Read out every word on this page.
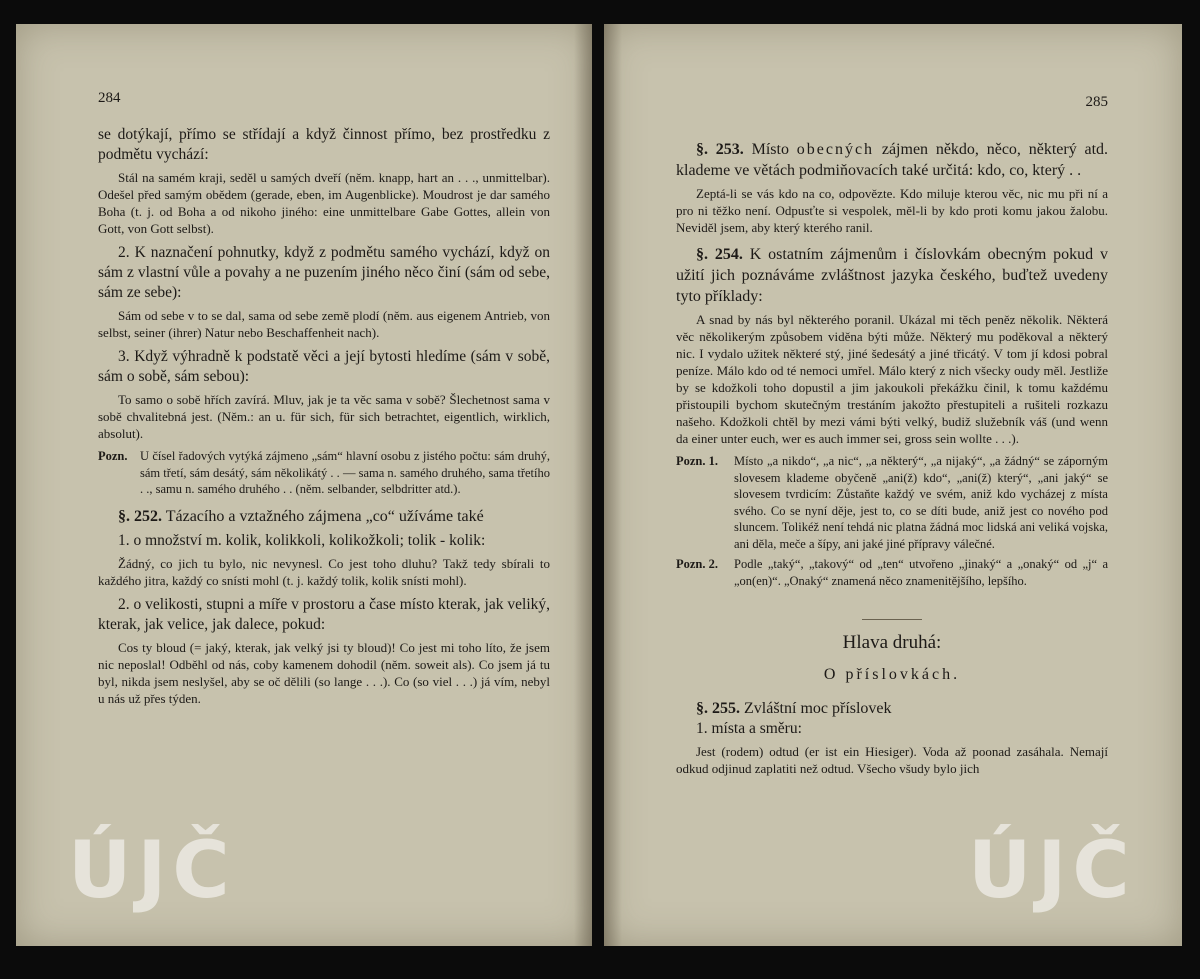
284

se dotýkají, přímo se střídají a když činnost přímo, bez prostředku z podmětu vychází:

Stál na samém kraji, seděl u samých dveří (něm. knapp, hart an . . ., unmittelbar). Odešel před samým obědem (gerade, eben, im Augenblicke). Moudrost je dar samého Boha (t. j. od Boha a od nikoho jiného: eine unmittelbare Gabe Gottes, allein von Gott, von Gott selbst).

2. K naznačení pohnutky, když z podmětu samého vychází, když on sám z vlastní vůle a povahy a ne puzením jiného něco činí (sám od sebe, sám ze sebe):

Sám od sebe v to se dal, sama od sebe země plodí (něm. aus eigenem Antrieb, von selbst, seiner (ihrer) Natur nebo Beschaffenheit nach).

3. Když výhradně k podstatě věci a její bytosti hledíme (sám v sobě, sám o sobě, sám sebou):

To samo o sobě hřích zavírá. Mluv, jak je ta věc sama v sobě? Šlechetnost sama v sobě chvalitebná jest. (Něm.: an u. für sich, für sich betrachtet, eigentlich, wirklich, absolut).

Pozn. U čísel řadových vytýká zájmeno „sám“ hlavní osobu z jistého počtu: sám druhý, sám třetí, sám desátý, sám několikátý . . — sama n. samého druhého, sama třetího . ., samu n. samého druhého . . (něm. selbander, selbdritter atd.).

§. 252. Tázacího a vztažného zájmena „co“ užíváme také

1. o množství m. kolik, kolikkoli, kolikožkoli; tolik - kolik:

Žádný, co jich tu bylo, nic nevynesl. Co jest toho dluhu? Takž tedy sbírali to každého jitra, každý co snísti mohl (t. j. každý tolik, kolik snísti mohl).

2. o velikosti, stupni a míře v prostoru a čase místo kterak, jak veliký, kterak, jak velice, jak dalece, pokud:

Cos ty bloud (= jaký, kterak, jak velký jsi ty bloud)! Co jest mi toho líto, že jsem nic neposlal! Odběhl od nás, coby kamenem dohodil (něm. soweit als). Co jsem já tu byl, nikda jsem neslyšel, aby se oč dělili (so lange . . .). Co (so viel . . .) já vím, nebyl u nás už přes týden.

ÚJČ

285

§. 253. Místo obecných zájmen někdo, něco, některý atd. klademe ve větách podmiňovacích také určitá: kdo, co, který . .

Zeptá-li se vás kdo na co, odpovězte. Kdo miluje kterou věc, nic mu při ní a pro ni těžko není. Odpusťte si vespolek, měl-li by kdo proti komu jakou žalobu. Neviděl jsem, aby který kterého ranil.

§. 254. K ostatním zájmenům i číslovkám obecným pokud v užití jich poznáváme zvláštnost jazyka českého, buďtež uvedeny tyto příklady:

A snad by nás byl některého poranil. Ukázal mi těch peněz několik. Některá věc několikerým způsobem viděna býti může. Některý mu poděkoval a některý nic. I vydalo užitek některé stý, jiné šedesátý a jiné třicátý. V tom jí kdosi pobral peníze. Málo kdo od té nemoci umřel. Málo který z nich všecky oudy měl. Jestliže by se kdožkoli toho dopustil a jim jakoukoli překážku činil, k tomu každému přistoupili bychom skutečným trestáním jakožto přestupiteli a rušiteli rozkazu našeho. Kdožkoli chtěl by mezi vámi býti velký, budiž služebník váš (und wenn da einer unter euch, wer es auch immer sei, gross sein wollte . . .).

Pozn. 1.	Místo „a nikdo“, „a nic“, „a některý“, „a nijaký“, „a žádný“ se záporným slovesem klademe obyčeně „ani(ž) kdo“, „ani(ž) který“, „ani jaký“ se slovesem tvrdicím: Zůstaňte každý ve svém, aniž kdo vycházej z místa svého. Co se nyní děje, jest to, co se díti bude, aniž jest co nového pod sluncem. Tolikéž není tehdá nic platna žádná moc lidská ani veliká vojska, ani děla, meče a šípy, ani jaké jiné přípravy válečné.
Pozn. 2.	Podle „taký“, „takový“ od „ten“ utvořeno „jinaký“ a „onaký“ od „j“ a „on(en)“. „Onaký“ znamená něco znamenitějšího, lepšího.

Hlava druhá:

O příslovkách.

§. 255. Zvláštní moc příslovek

1. místa a směru:

Jest (rodem) odtud (er ist ein Hiesiger). Voda až poonad zasáhala. Nemají odkud odjinud zaplatiti než odtud. Všecho všudy bylo jich

ÚJČ
